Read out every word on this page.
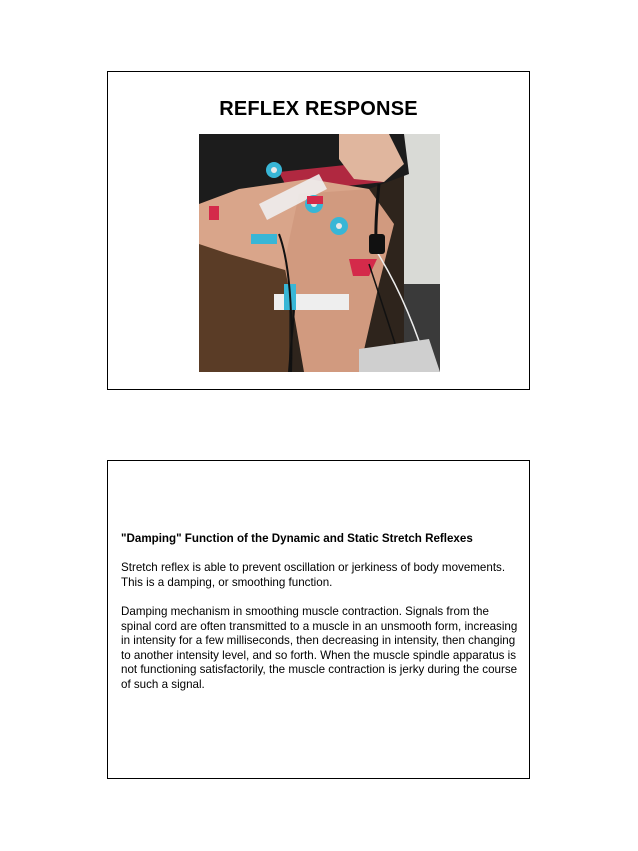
REFLEX RESPONSE

"Damping" Function of the Dynamic and Static Stretch Reflexes

Stretch reflex is able to prevent oscillation or jerkiness of body movements. This is a damping, or smoothing function.

Damping mechanism in smoothing muscle contraction. Signals from the spinal cord are often transmitted to a muscle in an unsmooth form, increasing in intensity for a few milliseconds, then decreasing in intensity, then changing to another intensity level, and so forth. When the muscle spindle apparatus is not functioning satisfactorily, the muscle contraction is jerky during the course of such a signal.
